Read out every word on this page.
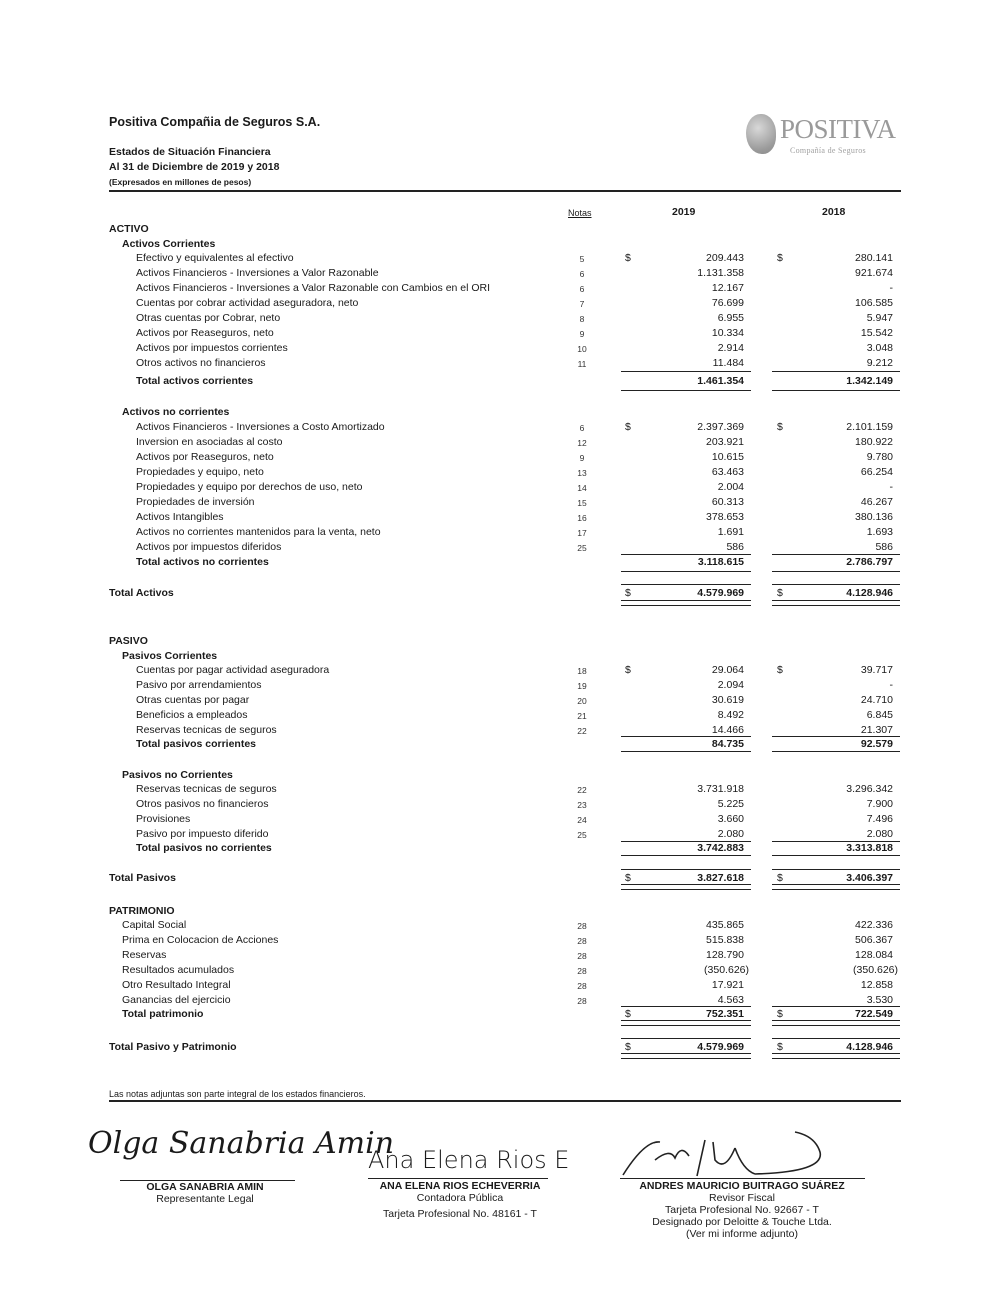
Positiva Compañia de Seguros S.A.
Estados de Situación Financiera
Al 31 de Diciembre de 2019 y 2018
(Expresados en millones de pesos)
POSITIVA
Compañía de Seguros
Notas	2019	2018
ACTIVO
Activos Corrientes
Efectivo y equivalentes al efectivo	5	$	209.443	$	280.141
Activos Financieros - Inversiones a Valor Razonable	6	1.131.358	921.674
Activos Financieros - Inversiones a Valor Razonable con Cambios en el ORI	6	12.167	-
Cuentas por cobrar actividad aseguradora, neto	7	76.699	106.585
Otras cuentas por Cobrar, neto	8	6.955	5.947
Activos por Reaseguros, neto	9	10.334	15.542
Activos por impuestos corrientes	10	2.914	3.048
Otros activos no financieros	11	11.484	9.212
Total activos corrientes	1.461.354	1.342.149
Activos no corrientes
Activos Financieros - Inversiones a Costo Amortizado	6	$	2.397.369	$	2.101.159
Inversion en asociadas al costo	12	203.921	180.922
Activos por Reaseguros, neto	9	10.615	9.780
Propiedades y equipo, neto	13	63.463	66.254
Propiedades y equipo por derechos de uso, neto	14	2.004	-
Propiedades de inversión	15	60.313	46.267
Activos Intangibles	16	378.653	380.136
Activos no corrientes mantenidos para la venta, neto	17	1.691	1.693
Activos por impuestos diferidos	25	586	586
Total activos no corrientes	3.118.615	2.786.797
Total Activos	$	4.579.969	$	4.128.946
PASIVO
Pasivos Corrientes
Cuentas por pagar actividad aseguradora	18	$	29.064	$	39.717
Pasivo por arrendamientos	19	2.094	-
Otras cuentas por pagar	20	30.619	24.710
Beneficios a empleados	21	8.492	6.845
Reservas tecnicas de seguros	22	14.466	21.307
Total pasivos corrientes	84.735	92.579
Pasivos no Corrientes
Reservas tecnicas de seguros	22	3.731.918	3.296.342
Otros pasivos no financieros	23	5.225	7.900
Provisiones	24	3.660	7.496
Pasivo por impuesto diferido	25	2.080	2.080
Total pasivos no corrientes	3.742.883	3.313.818
Total Pasivos	$	3.827.618	$	3.406.397
PATRIMONIO
Capital Social	28	435.865	422.336
Prima en Colocacion de Acciones	28	515.838	506.367
Reservas	28	128.790	128.084
Resultados acumulados	28	(350.626)	(350.626)
Otro Resultado Integral	28	17.921	12.858
Ganancias del ejercicio	28	4.563	3.530
Total patrimonio	$	752.351	$	722.549
Total Pasivo y Patrimonio	$	4.579.969	$	4.128.946
Las notas adjuntas son parte integral de los estados financieros.
Olga Sanabria Amin
OLGA SANABRIA AMIN
Representante Legal
Ana Elena Rios E
ANA ELENA RIOS ECHEVERRIA
Contadora Pública
Tarjeta Profesional No. 48161 - T
ANDRES MAURICIO BUITRAGO SUÁREZ
Revisor Fiscal
Tarjeta Profesional No. 92667 - T
Designado por Deloitte & Touche Ltda.
(Ver mi informe adjunto)
